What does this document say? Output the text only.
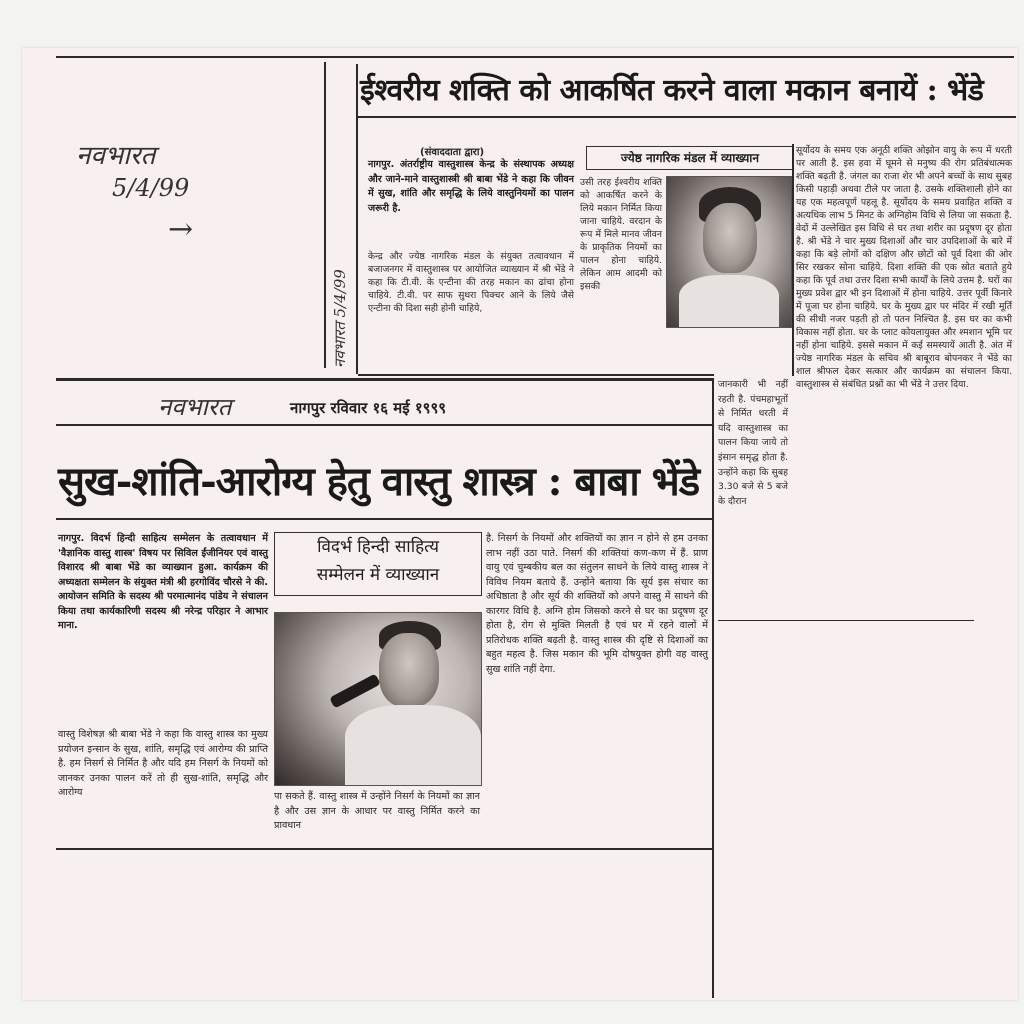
नवभारत
5/4/99
→
नवभारत 5/4/99
ईश्वरीय शक्ति को आकर्षित करने वाला मकान बनायें : भेंडे
(संवाददाता द्वारा)
नागपुर. अंतर्राष्ट्रीय वास्तुशास्त्र केन्द्र के संस्थापक अध्यक्ष और जाने-माने वास्तुशास्त्री श्री बाबा भेंडे ने कहा कि जीवन में सुख, शांति और समृद्धि के लिये वास्तुनियमों का पालन जरूरी है.
केन्द्र और ज्येष्ठ नागरिक मंडल के संयुक्त तत्वावधान में बजाजनगर में वास्तुशास्त्र पर आयोजित व्याख्यान में श्री भेंडे ने कहा कि टी.वी. के एन्टीना की तरह मकान का ढांचा होना चाहिये. टी.वी. पर साफ सुथरा पिक्चर आने के लिये जैसे एन्टीना की दिशा सही होनी चाहिये,
ज्येष्ठ नागरिक मंडल में व्याख्यान
उसी तरह ईश्वरीय शक्ति को आकर्षित करने के लिये मकान निर्मित किया जाना चाहिये. वरदान के रूप में मिले मानव जीवन के प्राकृतिक नियमों का पालन होना चाहिये. लेकिन आम आदमी को इसकी
सूर्योदय के समय एक अनूठी शक्ति ओझोन वायु के रूप में धरती पर आती है. इस हवा में घूमने से मनुष्य की रोग प्रतिबंधात्मक शक्ति बढ़ती है. जंगल का राजा शेर भी अपने बच्चों के साथ सुबह किसी पहाड़ी अथवा टीले पर जाता है. उसके शक्तिशाली होने का यह एक महत्वपूर्ण पहलू है. सूर्योदय के समय प्रवाहित शक्ति व अत्यधिक लाभ 5 मिनट के अग्निहोम विधि से लिया जा सकता है. वेदों में उल्लेखित इस विधि से घर तथा शरीर का प्रदूषण दूर होता है. श्री भेंडे ने चार मुख्य दिशाओं और चार उपदिशाओं के बारे में कहा कि बड़े लोगों को दक्षिण और छोटों को पूर्व दिशा की ओर सिर रखकर सोना चाहिये. दिशा शक्ति की एक स्रोत बताते हुये कहा कि पूर्व तथा उत्तर दिशा सभी कार्यों के लिये उत्तम है. घरों का मुख्य प्रवेश द्वार भी इन दिशाओं में होना चाहिये. उत्तर पूर्वी किनारे में पूजा घर होना चाहिये. घर के मुख्य द्वार पर मंदिर में रखी मूर्ति की सीधी नजर पड़ती हो तो पतन निश्चित है. इस घर का कभी विकास नहीं होता. घर के प्लाट कोयलायुक्त और श्मशान भूमि पर नहीं होना चाहिये. इससे मकान में कई समस्यायें आती है. अंत में ज्येष्ठ नागरिक मंडल के सचिव श्री बाबूराव बोपनकर ने भेंडे का शाल श्रीफल देकर सत्कार और कार्यक्रम का संचालन किया. वास्तुशास्त्र से संबंधित प्रश्नों का भी भेंडे ने उत्तर दिया.
जानकारी भी नहीं रहती है. पंचमहाभूतों से निर्मित धरती में यदि वास्तुशास्त्र का पालन किया जाये तो इंसान समृद्ध होता है. उन्होंने कहा कि सुबह 3.30 बजे से 5 बजे के दौरान
नवभारत	नागपुर रविवार १६ मई १९९९
सुख-शांति-आरोग्य हेतु वास्तु शास्त्र : बाबा भेंडे
नागपुर. विदर्भ हिन्दी साहित्य सम्मेलन के तत्वावधान में 'वैज्ञानिक वास्तु शास्त्र' विषय पर सिविल ईंजीनियर एवं वास्तु विशारद श्री बाबा भेंडे का व्याख्यान हुआ. कार्यक्रम की अध्यक्षता सम्मेलन के संयुक्त मंत्री श्री हरगोविंद चौरसे ने की. आयोजन समिति के सदस्य श्री परमात्मानंद पांडेय ने संचालन किया तथा कार्यकारिणी सदस्य श्री नरेन्द्र परिहार ने आभार माना.
वास्तु विशेषज्ञ श्री बाबा भेंडे ने कहा कि वास्तु शास्त्र का मुख्य प्रयोजन इन्सान के सुख, शांति, समृद्धि एवं आरोग्य की प्राप्ति है. हम निसर्ग से निर्मित है और यदि हम निसर्ग के नियमों को जानकर उनका पालन करें तो ही सुख-शांति, समृद्धि और आरोग्य
विदर्भ हिन्दी साहित्य
सम्मेलन में व्याख्यान
पा सकते हैं. वास्तु शास्त्र में उन्होंने निसर्ग के नियमों का ज्ञान है और उस ज्ञान के आधार पर वास्तु निर्मित करने का प्रावधान
है. निसर्ग के नियमों और शक्तियों का ज्ञान न होने से हम उनका लाभ नहीं उठा पाते. निसर्ग की शक्तियां कण-कण में हैं. प्राण वायु एवं चुम्बकीय बल का संतुलन साधने के लिये वास्तु शास्त्र ने विविध नियम बताये हैं. उन्होंने बताया कि सूर्य इस संचार का अधिष्ठाता है और सूर्य की शक्तियों को अपने वास्तु में साधने की कारगर विधि है. अग्नि होम जिसको करने से घर का प्रदूषण दूर होता है, रोग से मुक्ति मिलती है एवं घर में रहने वालों में प्रतिरोधक शक्ति बढ़ती है. वास्तु शास्त्र की दृष्टि से दिशाओं का बहुत महत्व है. जिस मकान की भूमि दोषयुक्त होगी वह वास्तु सुख शांति नहीं देगा.
